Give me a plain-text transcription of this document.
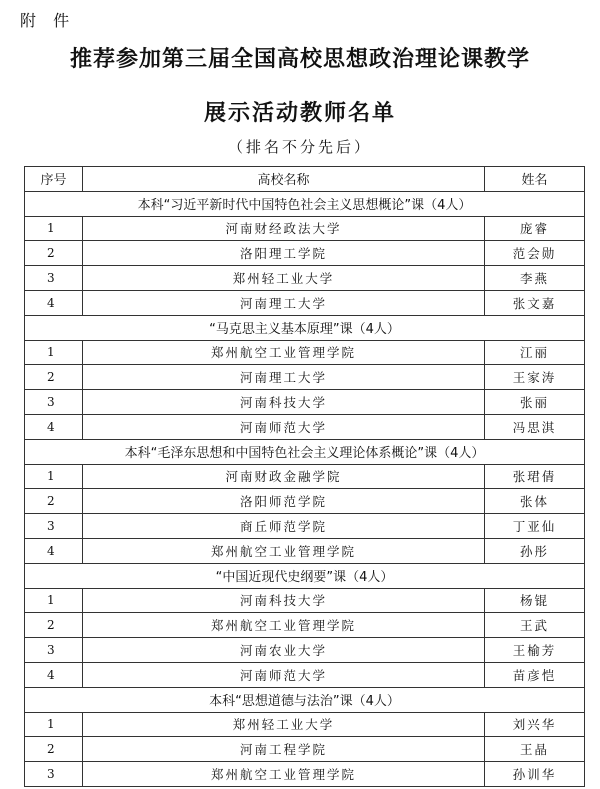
附 件
推荐参加第三届全国高校思想政治理论课教学
展示活动教师名单
（排名不分先后）
序号	高校名称	姓名
本科“习近平新时代中国特色社会主义思想概论”课（4人）		
1	河南财经政法大学	庞睿
2	洛阳理工学院	范会勋
3	郑州轻工业大学	李燕
4	河南理工大学	张文嘉
“马克思主义基本原理”课（4人）		
1	郑州航空工业管理学院	江丽
2	河南理工大学	王家涛
3	河南科技大学	张丽
4	河南师范大学	冯思淇
本科“毛泽东思想和中国特色社会主义理论体系概论”课（4人）		
1	河南财政金融学院	张珺倩
2	洛阳师范学院	张体
3	商丘师范学院	丁亚仙
4	郑州航空工业管理学院	孙彤
“中国近现代史纲要”课（4人）		
1	河南科技大学	杨锟
2	郑州航空工业管理学院	王武
3	河南农业大学	王榆芳
4	河南师范大学	苗彦恺
本科“思想道德与法治”课（4人）		
1	郑州轻工业大学	刘兴华
2	河南工程学院	王晶
3	郑州航空工业管理学院	孙训华
